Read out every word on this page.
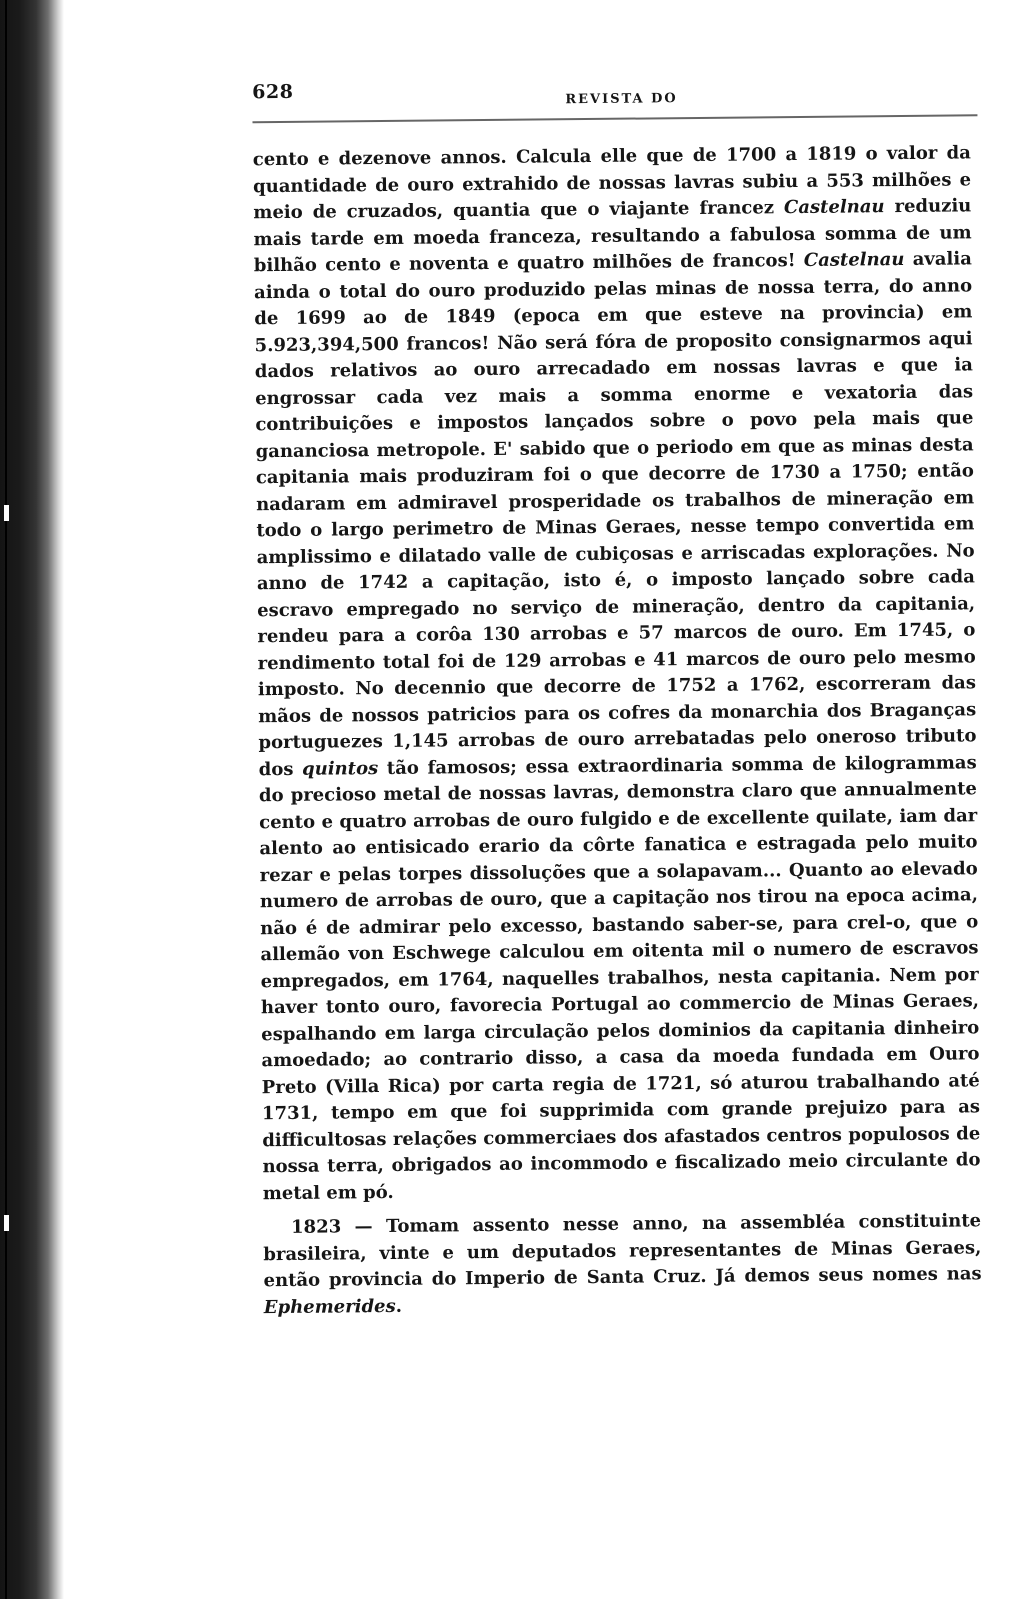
628	REVISTA DO

cento e dezenove annos. Calcula elle que de 1700 a 1819 o valor da quantidade de ouro extrahido de nossas lavras subiu a 553 milhões e meio de cruzados, quantia que o viajante francez Castelnau reduziu mais tarde em moeda franceza, resultando a fabulosa somma de um bilhão cento e noventa e quatro milhões de francos! Castelnau avalia ainda o total do ouro produzido pelas minas de nossa terra, do anno de 1699 ao de 1849 (epoca em que esteve na provincia) em 5.923,394,500 francos! Não será fóra de proposito consignarmos aqui dados relativos ao ouro arrecadado em nossas lavras e que ia engrossar cada vez mais a somma enorme e vexatoria das contribuições e impostos lançados sobre o povo pela mais que gananciosa metropole. E' sabido que o periodo em que as minas desta capitania mais produziram foi o que decorre de 1730 a 1750; então nadaram em admiravel prosperidade os trabalhos de mineração em todo o largo perimetro de Minas Geraes, nesse tempo convertida em amplissimo e dilatado valle de cubiçosas e arriscadas explorações. No anno de 1742 a capitação, isto é, o imposto lançado sobre cada escravo empregado no serviço de mineração, dentro da capitania, rendeu para a corôa 130 arrobas e 57 marcos de ouro. Em 1745, o rendimento total foi de 129 arrobas e 41 marcos de ouro pelo mesmo imposto. No decennio que decorre de 1752 a 1762, escorreram das mãos de nossos patricios para os cofres da monarchia dos Braganças portuguezes 1,145 arrobas de ouro arrebatadas pelo oneroso tributo dos quintos tão famosos; essa extraordinaria somma de kilogrammas do precioso metal de nossas lavras, demonstra claro que annualmente cento e quatro arrobas de ouro fulgido e de excellente quilate, iam dar alento ao entisicado erario da côrte fanatica e estragada pelo muito rezar e pelas torpes dissoluções que a solapavam... Quanto ao elevado numero de arrobas de ouro, que a capitação nos tirou na epoca acima, não é de admirar pelo excesso, bastando saber-se, para crel-o, que o allemão von Eschwege calculou em oitenta mil o numero de escravos empregados, em 1764, naquelles trabalhos, nesta capitania. Nem por haver tonto ouro, favorecia Portugal ao commercio de Minas Geraes, espalhando em larga circulação pelos dominios da capitania dinheiro amoedado; ao contrario disso, a casa da moeda fundada em Ouro Preto (Villa Rica) por carta regia de 1721, só aturou trabalhando até 1731, tempo em que foi supprimida com grande prejuizo para as difficultosas relações commerciaes dos afastados centros populosos de nossa terra, obrigados ao incommodo e fiscalizado meio circulante do metal em pó.

1823 — Tomam assento nesse anno, na assembléa constituinte brasileira, vinte e um deputados representantes de Minas Geraes, então provincia do Imperio de Santa Cruz. Já demos seus nomes nas Ephemerides.
